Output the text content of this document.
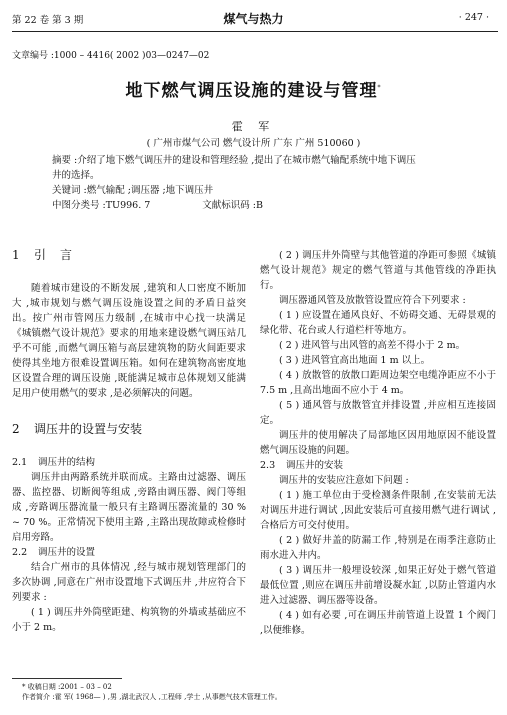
第 22 卷 第 3 期	煤气与热力	· 247 ·
文章编号 :1000 – 4416( 2002 )03—0247—02
地下燃气调压设施的建设与管理*
霍 军
( 广州市煤气公司 燃气设计所 广东 广州 510060 )

摘要 :介绍了地下燃气调压井的建设和管理经验 ,提出了在城市燃气输配系统中地下调压

井的选择。

关键词 :燃气输配 ;调压器 ;地下调压井

中图分类号 :TU996. 7	文献标识码 :B

1 引言

随着城市建设的不断发展 ,建筑和人口密度不断加大 ,城市规划与燃气调压设施设置之间的矛盾日益突出。按广州市管网压力级制 ,在城市中心找一块满足《城镇燃气设计规范》要求的用地来建设燃气调压站几乎不可能 ,而燃气调压箱与高层建筑物的防火间距要求使得其坐地方很难设置调压箱。如何在建筑物高密度地区设置合理的调压设施 ,既能满足城市总体规划又能满足用户使用燃气的要求 ,是必须解决的问题。

2 调压井的设置与安装
2.1 调压井的结构

调压井由两路系统并联而成。主路由过滤器、调压器、监控器、切断阀等组成 ,旁路由调压器、阀门等组成 ,旁路调压器流量一般只有主路调压器流量的 30 % ~ 70 %。正常情况下使用主路 ,主路出现故障或检修时启用旁路。

2.2 调压井的设置

结合广州市的具体情况 ,经与城市规划管理部门的多次协调 ,同意在广州市设置地下式调压井 ,井应符合下列要求 :

( 1 ) 调压井外筒壁距建、构筑物的外墙或基础应不小于 2 m。

( 2 ) 调压井外筒壁与其他管道的净距可参照《城镇燃气设计规范》规定的燃气管道与其他管线的净距执行。

调压器通风管及放散管设置应符合下列要求 :

( 1 ) 应设置在通风良好、不妨碍交通、无碍景观的绿化带、花台或人行道栏杆等地方。

( 2 ) 进风管与出风管的高差不得小于 2 m。

( 3 ) 进风管宜高出地面 1 m 以上。

( 4 ) 放散管的放散口距周边架空电缆净距应不小于 7.5 m ,且高出地面不应小于 4 m。

( 5 ) 通风管与放散管宜并排设置 ,并应相互连接固定。

调压井的使用解决了局部地区因用地原因不能设置燃气调压设施的问题。

2.3 调压井的安装

调压井的安装应注意如下问题 :

( 1 ) 施工单位由于受检测条件限制 ,在安装前无法对调压井进行调试 ,因此安装后可直接用燃气进行调试 ,合格后方可交付使用。

( 2 ) 做好井盖的防漏工作 ,特别是在雨季注意防止雨水进入井内。

( 3 ) 调压井一般埋设较深 ,如果正好处于燃气管道最低位置 ,则应在调压井前增设凝水缸 ,以防止管道内水进入过滤器、调压器等设备。

( 4 ) 如有必要 ,可在调压井前管道上设置 1 个阀门 ,以便维修。

* 收稿日期 :2001 – 03 – 02
作者简介 :霍 军( 1968— ) ,男 ,湖北武汉人 ,工程师 ,学士 ,从事燃气技术管理工作。
